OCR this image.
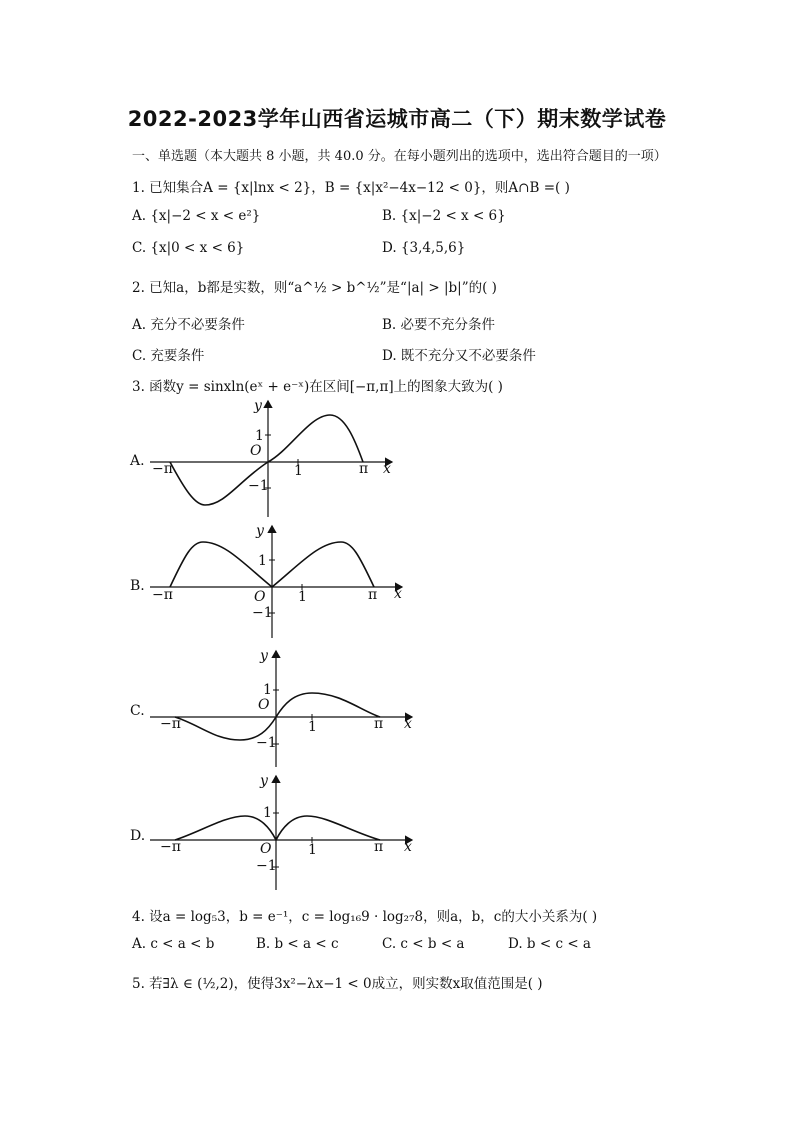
2022-2023学年山西省运城市高二（下）期末数学试卷
一、单选题（本大题共 8 小题，共 40.0 分。在每小题列出的选项中，选出符合题目的一项）
1. 已知集合A = {x|lnx < 2}，B = {x|x²−4x−12 < 0}，则A∩B =( )
A. {x|−2 < x < e²}	B. {x|−2 < x < 6}
C. {x|0 < x < 6}	D. {3,4,5,6}
2. 已知a，b都是实数，则“a^½ > b^½”是“|a| > |b|”的( )
A. 充分不必要条件	B. 必要不充分条件
C. 充要条件	D. 既不充分又不必要条件
3. 函数y = sinxln(eˣ + e⁻ˣ)在区间[−π,π]上的图象大致为( )
A.
y
1
O
−1
1
−π	π x
B.
y
1
O
−1
1
−π	π x
C.
y
1
O
−1
1
−π	π x
D.
y
1
O
−1
1
−π	π x
4. 设a = log₅3，b = e⁻¹，c = log₁₆9 · log₂₇8，则a，b，c的大小关系为( )
A. c < a < b	B. b < a < c	C. c < b < a	D. b < c < a
5. 若∃λ ∈ (½,2)，使得3x²−λx−1 < 0成立，则实数x取值范围是( )
